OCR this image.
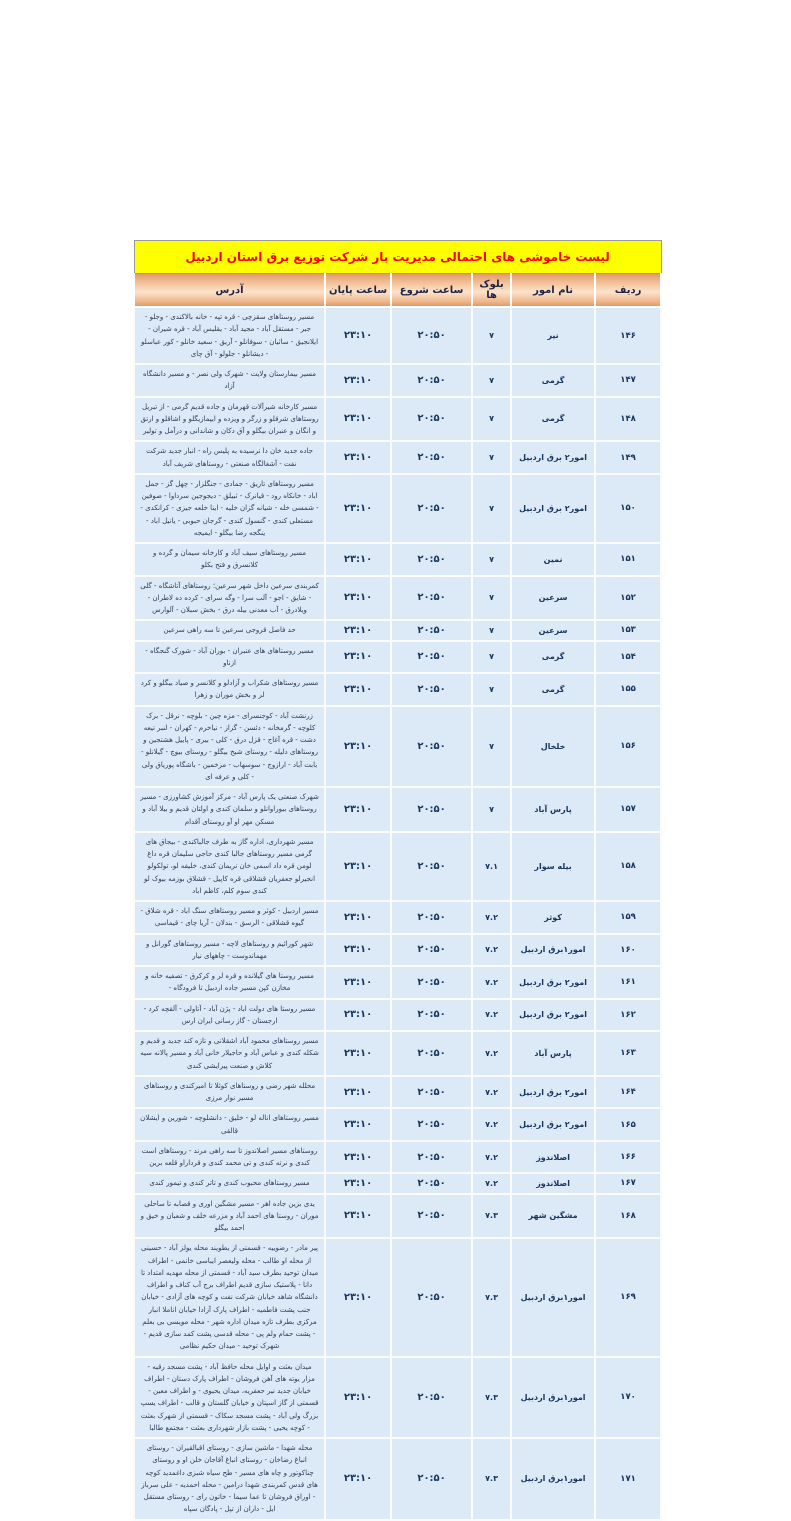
لیست خاموشی های احتمالی مدیریت بار شرکت توزیع برق استان اردبیل					
ردیف	نام امور	بلوک ها	ساعت شروع	ساعت پایان	آدرس
۱۴۶	نیر	۷	۲۰:۵۰	۲۳:۱۰	مسیر روستاهای سقزچی - قره تپه - خانه بالاکندی - وجلو - جبر - مستقل آباد - مجید آباد - یقلیس آباد - قره شیران - ایلانجیق - ساثیان - سوفانلو - آریق - سعید خانلو - کور عباسلو - دیشانلو - جلولو - آق چای
۱۴۷	گرمی	۷	۲۰:۵۰	۲۳:۱۰	مسیر بیمارستان ولایت - شهرک ولی نصر - و مسیر دانشگاه آزاد
۱۴۸	گرمی	۷	۲۰:۵۰	۲۳:۱۰	مسیر کارخانه شیرآلات قهرمان و جاده قدیم گرمی - از تبریل روستاهای شرقلو و زرگر و ویزده و ایپمازیگلو و اشاقلو و ارتق و انگان و عنبران بیگلو و آق دکان و شاندانی و درآمل و تولیر
۱۴۹	امور۲ برق اردبیل	۷	۲۰:۵۰	۲۳:۱۰	جاده جدید خان دا نرسیده به پلیس راه - انبار جدید شرکت نفت - آشغالگاه صنعتی - روستاهای شریف آباد
۱۵۰	امور۲ برق اردبیل	۷	۲۰:۵۰	۲۳:۱۰	مسیر روستاهای تاریق - جمادی - جنگلزار - چهل گز - جمل اباد - خانکاه رود - قیانرک - ثبیلق - دیجوجین سرداوا - صوفین - شمسی خله - شیانه گزان خلیه - اینا خلعه جیزی - کرانکدی - مستعلی کندی - گنسول کندی - گرجان حبوبی - یانیل اباد - ینگجه رضا بیگلو - ایمیجه
۱۵۱	نمین	۷	۲۰:۵۰	۲۳:۱۰	مسیر روستاهای سیف آباد و کارخانه سیمان و گرده و کلانسرق و فتح بکلو
۱۵۲	سرعین	۷	۲۰:۵۰	۲۳:۱۰	کمربندی سرعین داخل شهر سرعین؛ روستاهای آتاشگاه - گلی - شایق - اجو - آلب سرا - وگه سرای - کرده ده لاطران - ویلادرق - آب معدنی بیله درق - بخش سبلان - آلوارس
۱۵۳	سرعین	۷	۲۰:۵۰	۲۳:۱۰	حد فاصل قروجی سرعین تا سه راهی سرعین
۱۵۴	گرمی	۷	۲۰:۵۰	۲۳:۱۰	مسیر روستاهای های عنبران - بوران آباد - شورک گنجگاه - ازناو
۱۵۵	گرمی	۷	۲۰:۵۰	۲۳:۱۰	مسیر روستاهای شکراب و آزادلو و کلانسر و صیاد بیگلو و کرد لر و بخش موران و زهرا
۱۵۶	خلخال	۷	۲۰:۵۰	۲۳:۱۰	زرنشت آباد - کوجنسرای - مزه چین - بلوچه - نرقل - برک کلوچه - گرمخانه - دئسن - گزاز - نیاخرم - کهران - لنبر تیعه دشت - قره آغاج - قزل درق - کلی - بیری - پاییل هشتجین و روستاهای دلیله - روستای شیخ بیگلو - روستای بیوچ - گیلانلو - بابت آباد - ارازوج - سوسهاب - مزخمین - باشگاه پوریاق ولی - کلی و عرفه ای
۱۵۷	پارس آباد	۷	۲۰:۵۰	۲۳:۱۰	شهرک صنعتی یک پارس آباد - مرکز آموزش کشاورزی - مسیر روستاهای بیوراوانلو و سلمان کندی و اولتان قدیم و بیلا آباد و مسکن مهر او آو روستای آقدام
۱۵۸	بیله سوار	۷.۱	۲۰:۵۰	۲۳:۱۰	مسیر شهرداری، اداره گاز به طرف جالباکندی - بیجاق های گرمی مسیر روستاهای جالبا کندی حاجی سلیمان قره داغ لومن قره داد اسمی خان نریمان کندی، خلیفه لو، تولکولو انجیرلو جعفریان قشلاقی قره کاپیل - قشلاق بوزمه بیوک لو کندی سوم کلم، کاظم اباد
۱۵۹	کوثر	۷.۲	۲۰:۵۰	۲۳:۱۰	مسیر اردبیل - کوثر و مسیر روستاهای سنگ اباد - قره شلاق - گیوه قشلاقی - الرسق - بندلان - آریا چای - قیماسی
۱۶۰	امور۱برق اردبیل	۷.۲	۲۰:۵۰	۲۳:۱۰	شهر کورائیم و روستاهای لاچه - مسیر روستاهای گورانل و مهماندوست - چاههای نیار
۱۶۱	امور۲ برق اردبیل	۷.۲	۲۰:۵۰	۲۳:۱۰	مسیر روستا های گیلانده و قره لر و کرکرق - تصفیه خانه و مخازن کپن مسیر جاده اردبیل تا فرودگاه -
۱۶۲	امور۲ برق اردبیل	۷.۲	۲۰:۵۰	۲۳:۱۰	مسیر روستا های دولت اباد - پژن آباد - آتاولی - آلقچه کرد - ارجستان - گاز رسانی ایران ارس
۱۶۳	پارس آباد	۷.۲	۲۰:۵۰	۲۳:۱۰	مسیر روستاهای محمود آباد اشقلانی و تازه کند جدید و قدیم و شکله کندی و عباس آباد و حاجیلار خانی آباد و مسیر پالانه سیه کلاش و صنعت پیرایشی کندی
۱۶۴	امور۲ برق اردبیل	۷.۲	۲۰:۵۰	۲۳:۱۰	محلله شهر رضی و روستاهای کوئلا تا امیرکندی و روستاهای مسیر نوار مرزی
۱۶۵	امور۲ برق اردبیل	۷.۲	۲۰:۵۰	۲۳:۱۰	مسیر روستاهای اناله لو - خلیق - دانشلوچه - شورین و ایشلان قالقی
۱۶۶	اصلاندوز	۷.۲	۲۰:۵۰	۲۳:۱۰	روستاهای مسیر اصلاندوز تا سه راهی مرند - روستاهای است کندی و نرته کندی و تی محمد کندی و قرداراو قلعه برین
۱۶۷	اصلاندوز	۷.۲	۲۰:۵۰	۲۳:۱۰	مسیر روستاهای محبوب کندی و تاتر کندی و تیمور کندی
۱۶۸	مشگین شهر	۷.۳	۲۰:۵۰	۲۳:۱۰	یدی بزین جاده اهر - مسیر مشگین اوری و قصابه تا ساحلی موران - روستا های احمد آباد و مزرعه خلف و شعبان و خیق و احمد بیگلو
۱۶۹	امور۱برق اردبیل	۷.۳	۲۰:۵۰	۲۳:۱۰	پیر مادر - رضوییه - قسمتی از یطویند محله یولز آباد - حسینی از محله او طالب - محله ولیعصر ایباسی خانمی - اطراف میدان توحید بطرف سید آباد - قسمتی از محله مهدیه امتداد تا دانا - پلاستیک سازی قدیم اطراف برج آب کناف و اطراف دانشگاه شاهد خیابان شرکت نفت و کوچه های آزادی - خیابان جنب پشت فاطمیه - اطراف پارک آزادا خیابان اناملا انبار مرکزی بطرف تازه میدان اداره شهر - محله مویسی بی بعلم - پشت حمام ولم پی - محله قدسی پشت کمد سازی قدیم - شهرک توحید - میدان حکیم نظامی
۱۷۰	امور۱برق اردبیل	۷.۳	۲۰:۵۰	۲۳:۱۰	میدان بعثت و اوایل محله حافظ آباد - پشت مسجد رقیه - مزار یوته های آهن فروشان - اطراف پارک دستان - اطراف خیابان جدید نیر جعفریه، میدان یحیوی - و اطراف معین - قسمتی از گاز اسپتان و خیابان گلستان و قالب - اطراف یسپ بزرگ ولی آباد - پشت مسجد سکاک - قسمتی از شهرک بعثت - کوچه یحیی - پشت بازار شهرداری بعثت - مجتمع طالبا
۱۷۱	امور۱برق اردبیل	۷.۳	۲۰:۵۰	۲۳:۱۰	محله شهدا - ماشین سازی - روستای اقبالقیران - روستای انباغ رضاخان - روستای انباغ آقاجان خلن او و روستای چناکوتور و چاه های مسیر - طح سیاه شبزی داغمدید کوچه های قدس کمربندی شهدا درامین - محله احمدیه - علی سرباز - اوراق فروشان تا عما سیما - خاتون رای - روستای مستقل ایل - داران از تپل - پادگان سپاه
